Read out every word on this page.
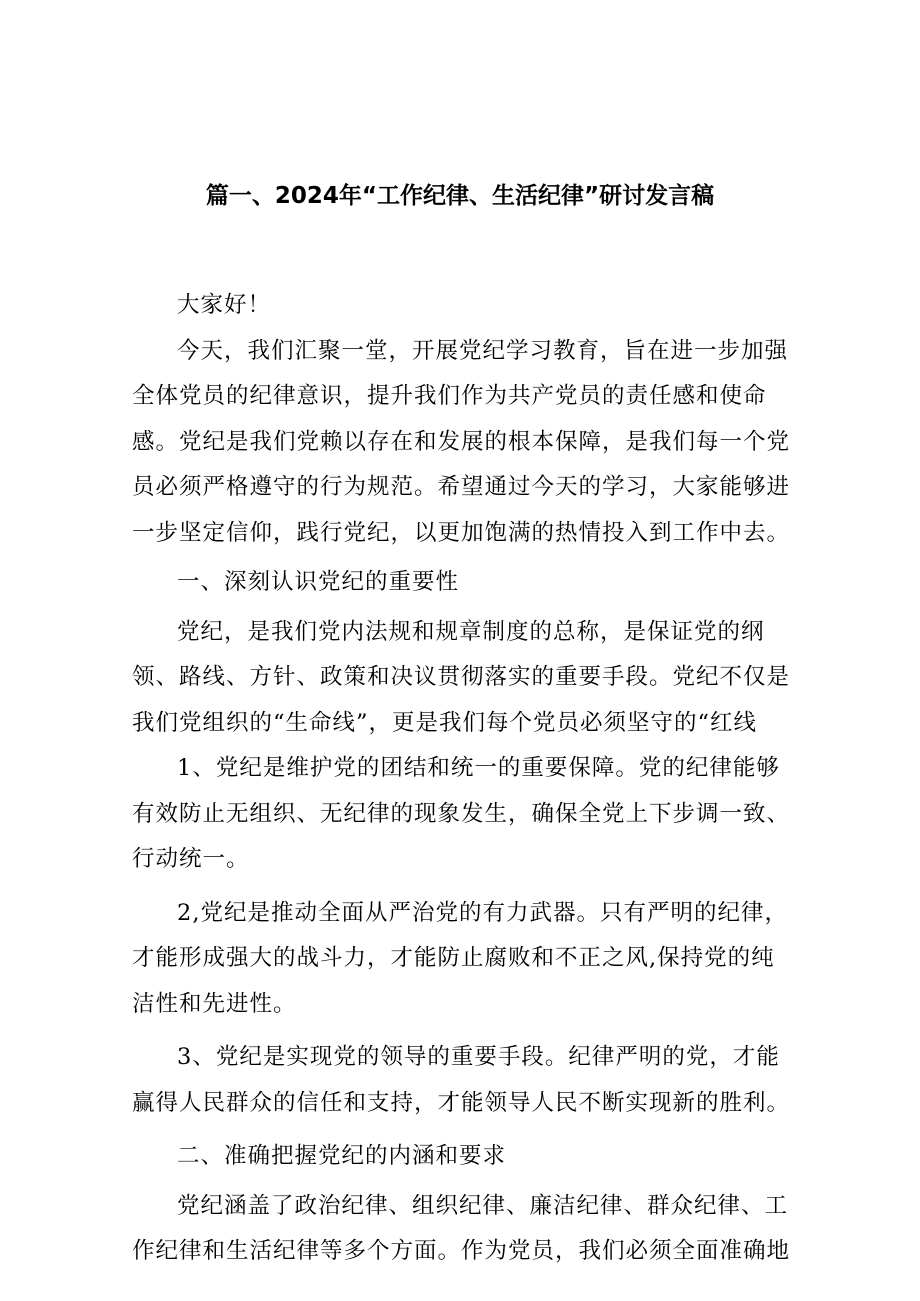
篇一、2024年“工作纪律、生活纪律”研讨发言稿

大家好！

今天，我们汇聚一堂，开展党纪学习教育，旨在进一步加强全体党员的纪律意识，提升我们作为共产党员的责任感和使命感。党纪是我们党赖以存在和发展的根本保障，是我们每一个党员必须严格遵守的行为规范。希望通过今天的学习，大家能够进一步坚定信仰，践行党纪，以更加饱满的热情投入到工作中去。

一、深刻认识党纪的重要性

党纪，是我们党内法规和规章制度的总称，是保证党的纲领、路线、方针、政策和决议贯彻落实的重要手段。党纪不仅是我们党组织的“生命线”，更是我们每个党员必须坚守的“红线

1、党纪是维护党的团结和统一的重要保障。党的纪律能够有效防止无组织、无纪律的现象发生，确保全党上下步调一致、行动统一。

2,党纪是推动全面从严治党的有力武器。只有严明的纪律，才能形成强大的战斗力，才能防止腐败和不正之风,保持党的纯洁性和先进性。

3、党纪是实现党的领导的重要手段。纪律严明的党，才能赢得人民群众的信任和支持，才能领导人民不断实现新的胜利。

二、准确把握党纪的内涵和要求

党纪涵盖了政治纪律、组织纪律、廉洁纪律、群众纪律、工作纪律和生活纪律等多个方面。作为党员，我们必须全面准确地
